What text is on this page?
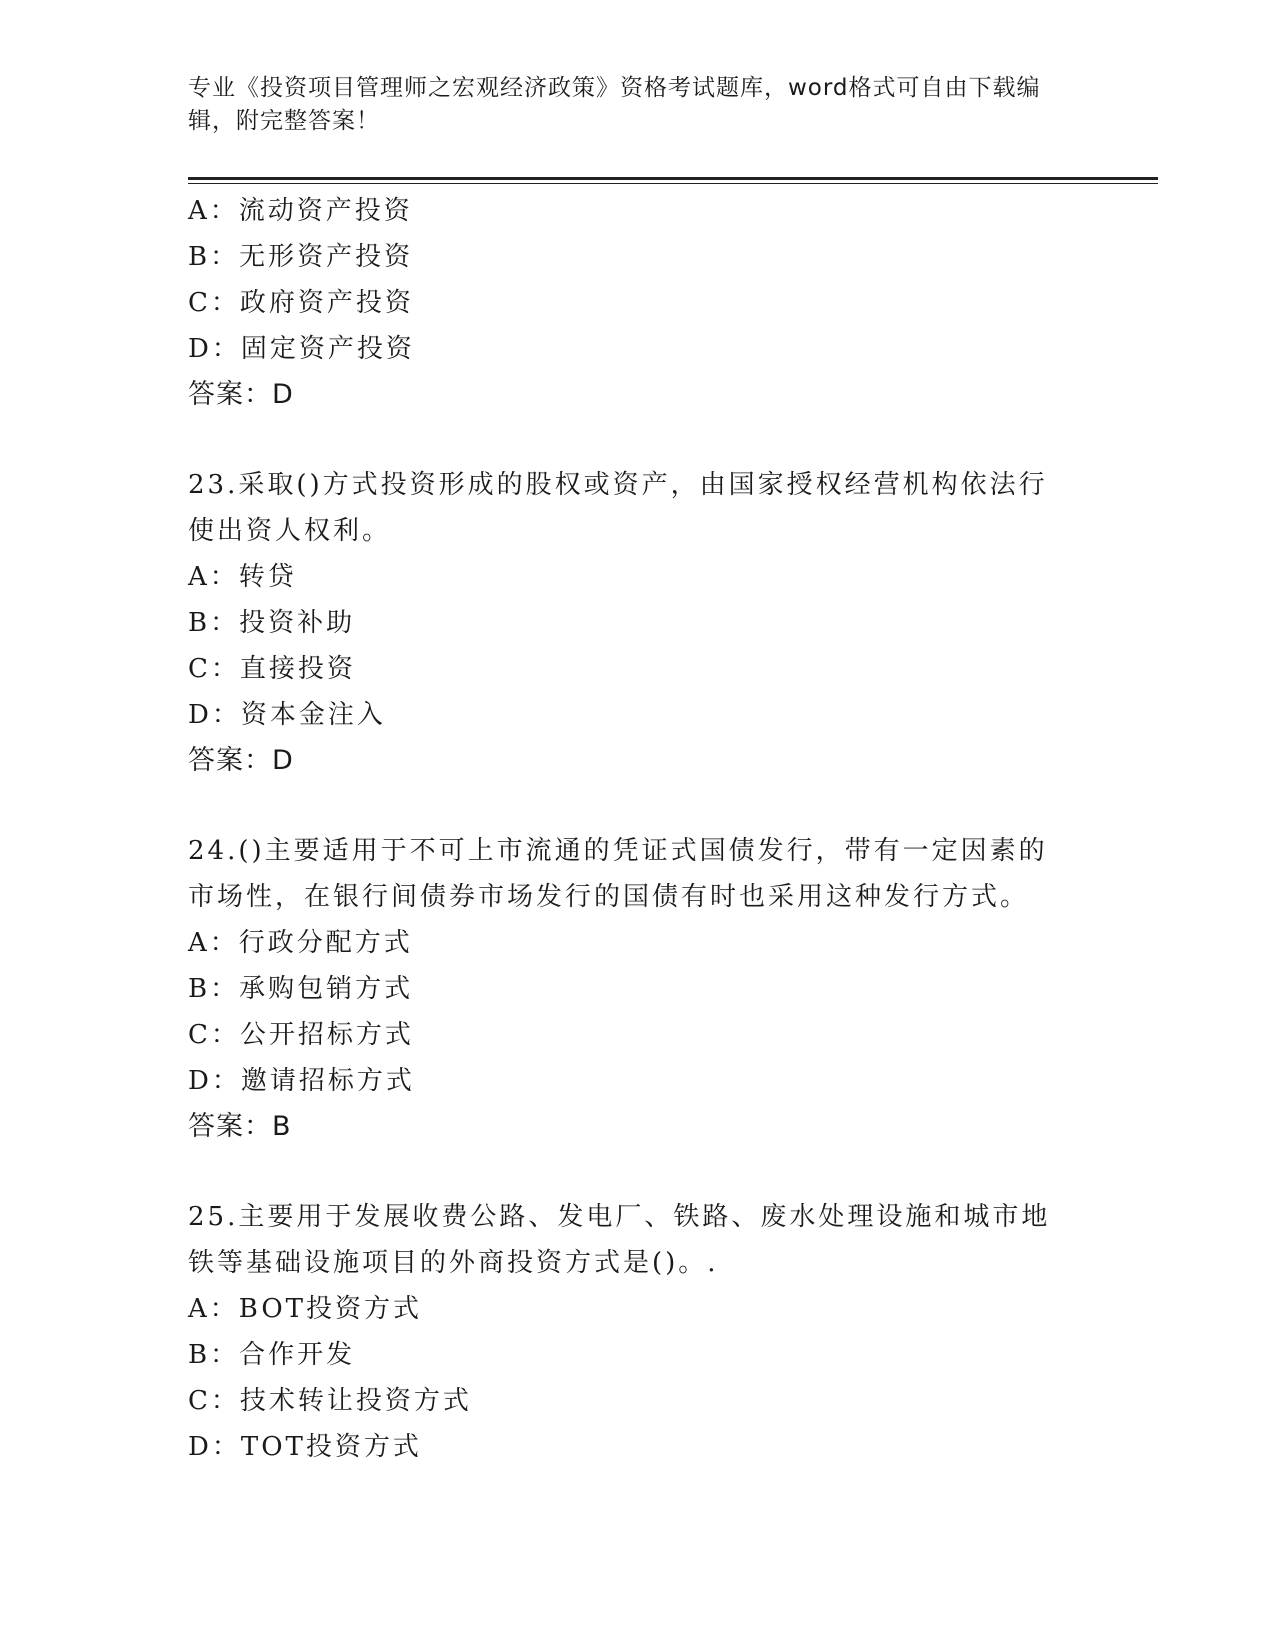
专业《投资项目管理师之宏观经济政策》资格考试题库，word格式可自由下载编辑，附完整答案！
A：流动资产投资
B：无形资产投资
C：政府资产投资
D：固定资产投资
答案：D
23.采取()方式投资形成的股权或资产，由国家授权经营机构依法行使出资人权利。
A：转贷
B：投资补助
C：直接投资
D：资本金注入
答案：D
24.()主要适用于不可上市流通的凭证式国债发行，带有一定因素的市场性，在银行间债券市场发行的国债有时也采用这种发行方式。
A：行政分配方式
B：承购包销方式
C：公开招标方式
D：邀请招标方式
答案：B
25.主要用于发展收费公路、发电厂、铁路、废水处理设施和城市地铁等基础设施项目的外商投资方式是()。.
A：BOT投资方式
B：合作开发
C：技术转让投资方式
D：TOT投资方式
